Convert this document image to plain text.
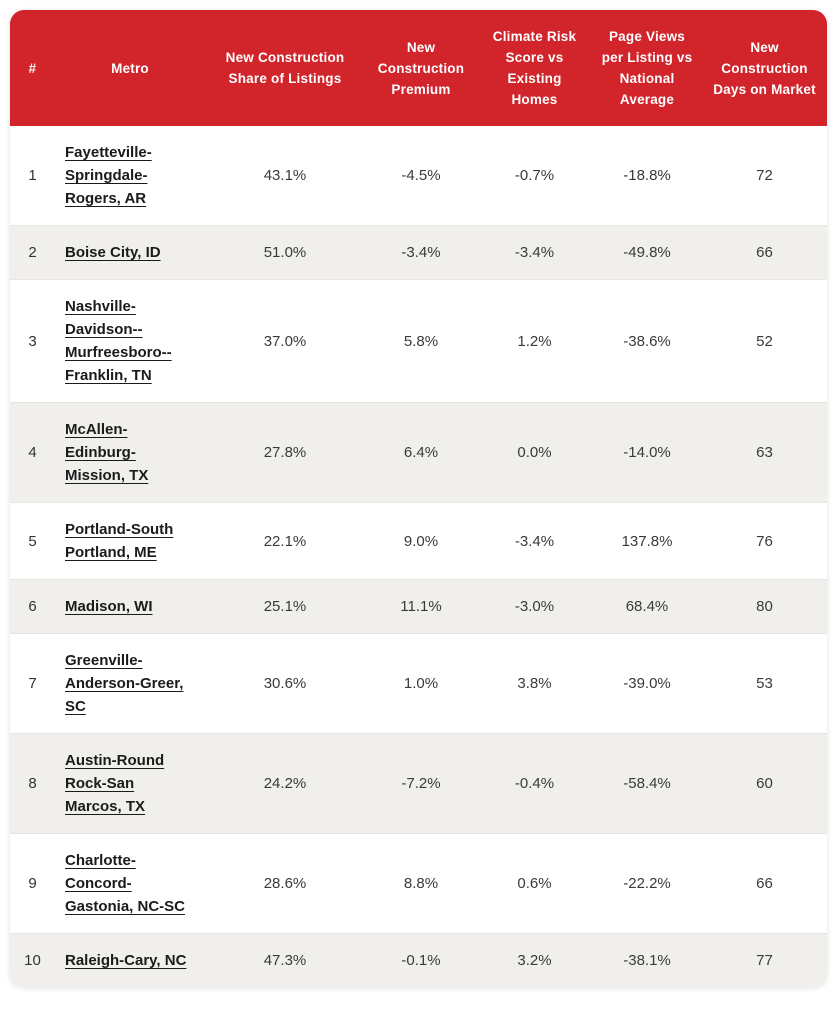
#	Metro	New Construction Share of Listings	New Construction Premium	Climate Risk Score vs Existing Homes	Page Views per Listing vs National Average	New Construction Days on Market
1	Fayetteville-Springdale-Rogers, AR	43.1%	-4.5%	-0.7%	-18.8%	72
2	Boise City, ID	51.0%	-3.4%	-3.4%	-49.8%	66
3	Nashville-Davidson--Murfreesboro--Franklin, TN	37.0%	5.8%	1.2%	-38.6%	52
4	McAllen-Edinburg-Mission, TX	27.8%	6.4%	0.0%	-14.0%	63
5	Portland-South Portland, ME	22.1%	9.0%	-3.4%	137.8%	76
6	Madison, WI	25.1%	11.1%	-3.0%	68.4%	80
7	Greenville-Anderson-Greer, SC	30.6%	1.0%	3.8%	-39.0%	53
8	Austin-Round Rock-San Marcos, TX	24.2%	-7.2%	-0.4%	-58.4%	60
9	Charlotte-Concord-Gastonia, NC-SC	28.6%	8.8%	0.6%	-22.2%	66
10	Raleigh-Cary, NC	47.3%	-0.1%	3.2%	-38.1%	77
